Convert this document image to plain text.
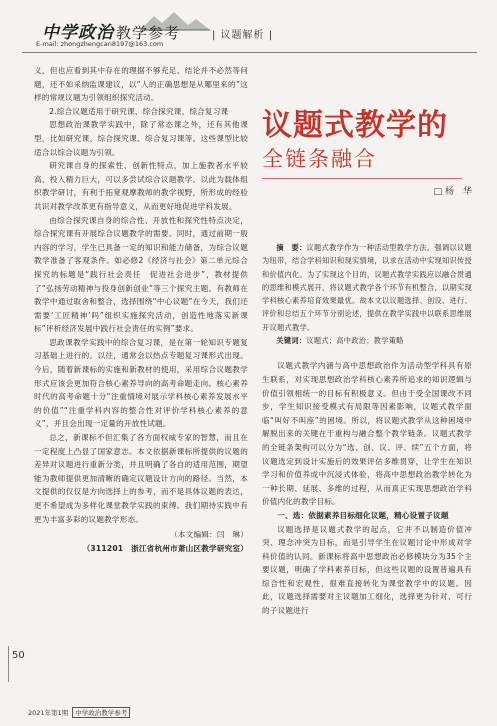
中学政治 教学参考	| 议题解析 |
E-mail: zhongzhengcan8197@163.com

义，但也应看到其中存在的理据不够充足、结论并不必然等问题，还不如采纳监课建议，以“人的正确思想是从哪里来的”这样的常规议题为引领组织探究活动。

2.综合议题适用于研究课、综合探究课、综合复习课

思想政治课教学实践中，除了常态课之外，还有其他课型，比如研究课、综合探究课、综合复习课等。这些课型比较适合以综合议题为引领。

研究课自身的探索性、创新性特点，加上施教者水平较高、投入精力巨大，可以多尝试综合议题教学。以此为载体组织教学研讨，有利于拓宽观摩教师的教学视野，所形成的经验共识对教学改革更有指导意义，从而更好地促进学科发展。

由综合探究课自身的综合性、开放性和探究性特点决定，综合探究课有开展综合议题教学的需要。同时，通过前期一般内容的学习，学生已具备一定的知识和能力储备，为综合议题教学准备了客观条件。如必修2《经济与社会》第二单元综合探究的标题是“践行社会责任　促进社会进步”，教材提供了“弘扬劳动精神与投身创新创业”等三个探究主题。有教师在教学中通过取舍和整合，选择围绕“中心议题”在今天，我们还需要‘工匠精神’吗”组织实施探究活动，创造性地落实新课标“评析经济发展中践行社会责任的实例”要求。

思政课教学实践中的综合复习课，是在第一轮知识专题复习基础上进行的。以往，通常会以热点专题复习课形式出现。今后，随着新课标的实施和新教材的使用，采用综合议题教学形式应该会更加符合核心素养导向的高考命题走向。核心素养时代的高考命题十分“注重情境对展示学科核心素养发展水平的价值”“注重学科内容的整合性对评价学科核心素养的意义”，并且会出现一定量的开放性试题。

总之，新课标不但汇集了各方面权威专家的智慧，而且在一定程度上凸显了国家意志。本文依据新课标所提供的议题的差异对议题进行重新分类，并且明确了各自的适用范围，期望能为教师提供更加清晰的确定议题设计方向的路径。当然，本文提供的仅仅是方向选择上的参考，而不是具体议题的表达，更不希望成为多样化课堂教学实践的束缚。我们期待实践中有更为丰富多彩的议题教学形态。

（本文编辑：闫　琳）
（311201　浙江省杭州市萧山区教学研究室）
议题式教学的
全链条融合
□ 杨　华
摘　要：议题式教学作为一种活动型教学方法，强调以议题为纽带，结合学科知识和现实情境，以求在活动中实现知识传授和价值内化。为了实现这个目的，议题式教学实践应以融合贯通的思维和模式展开，将议题式教学各个环节有机整合，以期实现学科核心素养培育效果最优。故本文以议题选择、创设、进行、评价和总结五个环节分别论述，提供在教学实践中以联系思维展开议题式教学。
关键词：议题式；高中政治；教学策略

议题式教学内涵与高中思想政治作为活动型学科具有原生联系，对实现思想政治学科核心素养所追求的知识逻辑与价值引领相统一的目标有积极意义。但由于受全国课改不同步，学生知识接受模式有局限等因素影响，议题式教学面临“叫好不叫座”的困境。所以，将议题式教学从这种困境中解脱出来的关键在于重构与融合整个教学链条。议题式教学的全链条架构可以分为“选、创、议、评、续”五个方面，将议题选定到设计实施后的效果评估多维贯穿，让学生在知识学习和价值养成中沉浸式体验，将高中思想政治教学转化为一种长期、延展、多维的过程，从而真正实现思想政治学科价值内化的教学目标。

一、选：依据素养目标细化议题，精心设置子议题

议题选择是议题式教学的起点，它并不以制造价值冲突、理念冲突为目标，而是引导学生在议题讨论中形成对学科价值的认同。新课标将高中思想政治必修模块分为35个主要议题，明确了学科素养目标，但这些议题的设置普遍具有综合性和宏观性，很难直接转化为课堂教学中的议题。因此，议题选择需要对主议题加工细化，选择更为针对、可行的子议题进行

50
2021年第1期 中学政治教学参考
